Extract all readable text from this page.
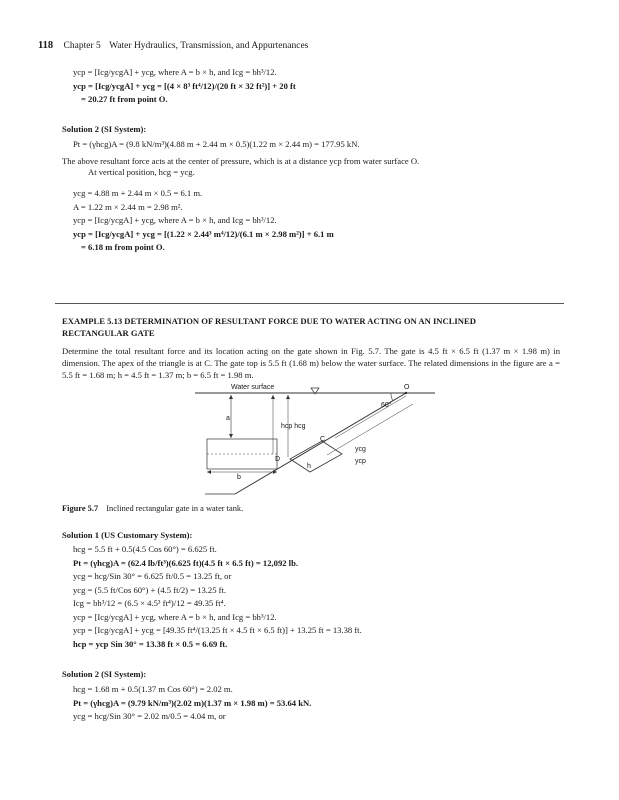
118 Chapter 5 Water Hydraulics, Transmission, and Appurtenances
ycp = [Icg/ycgA] + ycg, where A = b × h, and Icg = bh³/12.
ycp = [Icg/ycgA] + ycg = [(4 × 8³ ft⁴/12)/(20 ft × 32 ft²)] + 20 ft
= 20.27 ft from point O.
Solution 2 (SI System):
Pt = (γhcg)A = (9.8 kN/m³)(4.88 m + 2.44 m × 0.5)(1.22 m × 2.44 m) = 177.95 kN.
The above resultant force acts at the center of pressure, which is at a distance ycp from water surface O.
At vertical position, hcg = ycg.
ycg = 4.88 m + 2.44 m × 0.5 = 6.1 m.
A = 1.22 m × 2.44 m = 2.98 m².
ycp = [Icg/ycgA] + ycg, where A = b × h, and Icg = bh³/12.
ycp = [Icg/ycgA] + ycg = [(1.22 × 2.44³ m⁴/12)/(6.1 m × 2.98 m²)] + 6.1 m
= 6.18 m from point O.
EXAMPLE 5.13 DETERMINATION OF RESULTANT FORCE DUE TO WATER ACTING ON AN INCLINED
RECTANGULAR GATE
Determine the total resultant force and its location acting on the gate shown in Fig. 5.7. The gate is 4.5 ft × 6.5 ft (1.37 m × 1.98 m) in dimension. The apex of the triangle is at C. The gate top is 5.5 ft (1.68 m) below the water surface. The related dimensions in the figure are a = 5.5 ft = 1.68 m; h = 4.5 ft = 1.37 m; b = 6.5 ft = 1.98 m.
Water surface	O
60°
a
b
hcp hcg
C
D
h
ycg
ycp
Figure 5.7 Inclined rectangular gate in a water tank.
Solution 1 (US Customary System):
hcg = 5.5 ft + 0.5(4.5 Cos 60°) = 6.625 ft.
Pt = (γhcg)A = (62.4 lb/ft³)(6.625 ft)(4.5 ft × 6.5 ft) = 12,092 lb.
ycg = hcg/Sin 30° = 6.625 ft/0.5 = 13.25 ft, or
ycg = (5.5 ft/Cos 60°) + (4.5 ft/2) = 13.25 ft.
Icg = bh³/12 = (6.5 × 4.5³ ft⁴)/12 = 49.35 ft⁴.
ycp = [Icg/ycgA] + ycg, where A = b × h, and Icg = bh³/12.
ycp = [Icg/ycgA] + ycg = [49.35 ft⁴/(13.25 ft × 4.5 ft × 6.5 ft)] + 13.25 ft = 13.38 ft.
hcp = ycp Sin 30° = 13.38 ft × 0.5 = 6.69 ft.
Solution 2 (SI System):
hcg = 1.68 m + 0.5(1.37 m Cos 60°) = 2.02 m.
Pt = (γhcg)A = (9.79 kN/m³)(2.02 m)(1.37 m × 1.98 m) = 53.64 kN.
ycg = hcg/Sin 30° = 2.02 m/0.5 = 4.04 m, or
